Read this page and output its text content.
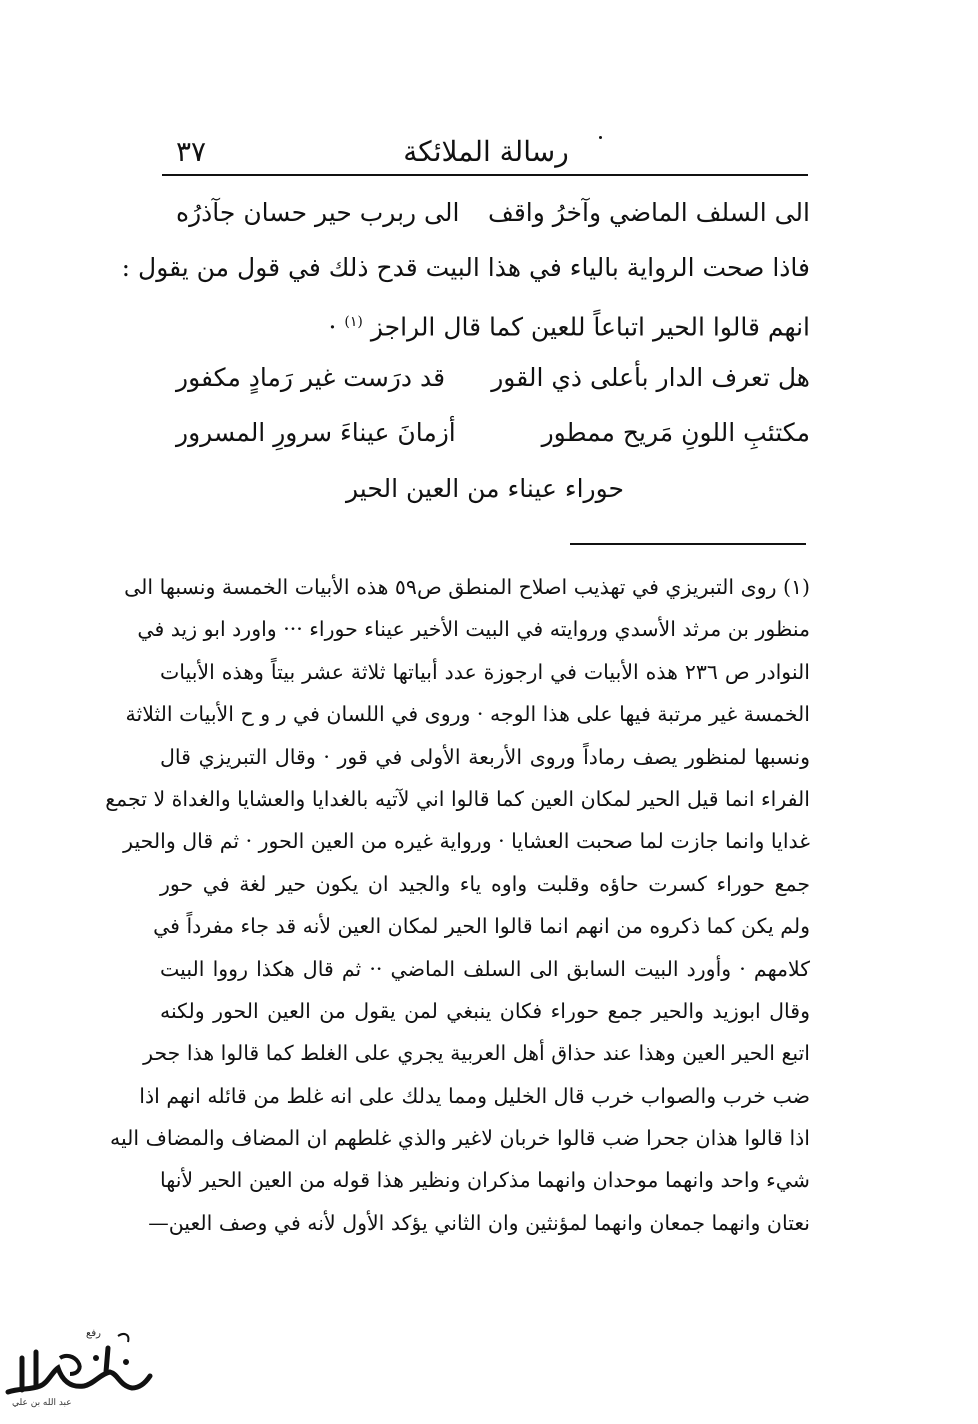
رسالة الملائكة
٣٧
الى السلف الماضي وآخرُ واقف
الى ربرب حير حسان جآذرُه
فاذا صحت الرواية بالياء في هذا البيت قدح ذلك في قول من يقول :
انهم قالوا الحير اتباعاً للعين كما قال الراجز $^{(١)}$ ·
هل تعرف الدار بأعلى ذي القور
قد درَست غير رَمادٍ مكفور
مكتئبِ اللونِ مَريح ممطور
أزمانَ عيناءَ سرورِ المسرور
حوراء عيناء من العين الحير
(١) روى التبريزي في تهذيب اصلاح المنطق ص٥٩ هذه الأبيات الخمسة ونسبها الى
منظور بن مرثد الأسدي وروايته في البيت الأخير عيناء حوراء ··· واورد ابو زيد في
النوادر ص ٢٣٦ هذه الأبيات في ارجوزة عدد أبياتها ثلاثة عشر بيتاً وهذه الأبيات
الخمسة غير مرتبة فيها على هذا الوجه · وروى في اللسان في ر و ح الأبيات الثلاثة
ونسبها لمنظور يصف رماداً وروى الأربعة الأولى في قور · وقال التبريزي قال
الفراء انما قيل الحير لمكان العين كما قالوا اني لآتيه بالغدايا والعشايا والغداة لا تجمع
غدايا وانما جازت لما صحبت العشايا · ورواية غيره من العين الحور · ثم قال والحير
جمع حوراء كسرت حاؤه وقلبت واوه ياء والجيد ان يكون حير لغة في حور
ولم يكن كما ذكروه من انهم انما قالوا الحير لمكان العين لأنه قد جاء مفرداً في
كلامهم · وأورد البيت السابق الى السلف الماضي ·· ثم قال هكذا رووا البيت
وقال ابوزيد والحير جمع حوراء فكان ينبغي لمن يقول من العين الحور ولكنه
اتبع الحير العين وهذا عند حذاق أهل العربية يجري على الغلط كما قالوا هذا جحر
ضب خرب والصواب خرب قال الخليل ومما يدلك على انه غلط من قائله انهم اذا
اذا قالوا هذان جحرا ضب قالوا خربان لاغير والذي غلطهم ان المضاف والمضاف اليه
شيء واحد وانهما موحدان وانهما مذكران ونظير هذا قوله من العين الحير لأنها
نعتان وانهما جمعان وانهما لمؤنثين وان الثاني يؤكد الأول لأنه في وصف العين—
رفع
عبد الله بن علي
